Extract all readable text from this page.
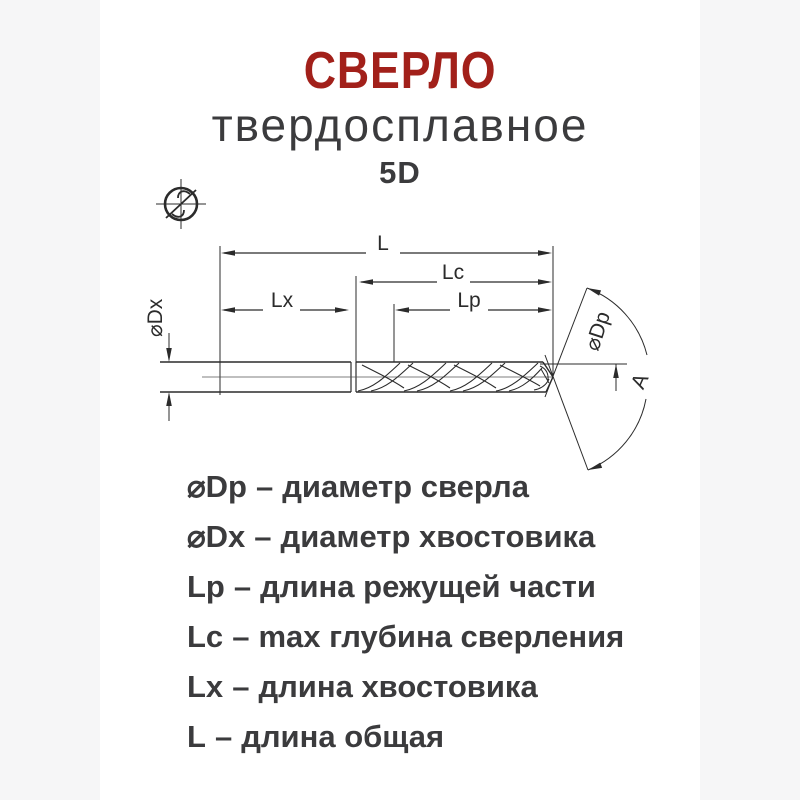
СВЕРЛО
твердосплавное
5D
L
Lc
Lx	Lp
⌀Dx	⌀Dp
A
⌀Dp – диаметр сверла
⌀Dx – диаметр хвостовика
Lp – длина режущей части
Lc – max глубина сверления
Lx – длина хвостовика
L – длина общая
